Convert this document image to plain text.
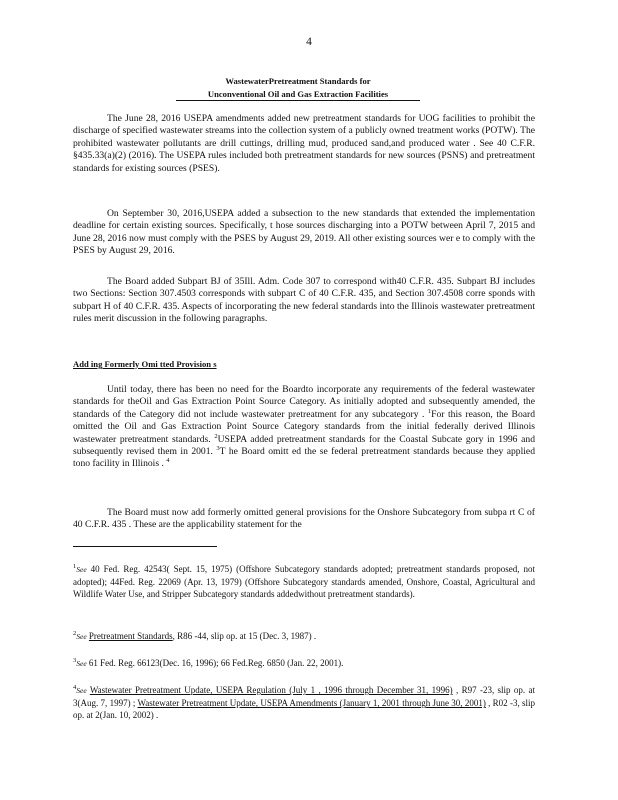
4
WastewaterPretreatment Standards for
Unconventional Oil and Gas Extraction Facilities
The June 28, 2016 USEPA amendments added new pretreatment standards for UOG facilities to prohibit the discharge of specified wastewater streams into the collection system of a publicly owned treatment works (POTW). The prohibited wastewater pollutants are drill cuttings, drilling mud, produced sand,and produced water . See 40 C.F.R. §435.33(a)(2) (2016). The USEPA rules included both pretreatment standards for new sources (PSNS) and pretreatment standards for existing sources (PSES).
On September 30, 2016,USEPA added a subsection to the new standards that extended the implementation deadline for certain existing sources. Specifically, t hose sources discharging into a POTW between April 7, 2015 and June 28, 2016 now must comply with the PSES by August 29, 2019. All other existing sources wer e to comply with the PSES by August 29, 2016.
The Board added Subpart BJ of 35Ill. Adm. Code 307 to correspond with40 C.F.R. 435. Subpart BJ includes two Sections: Section 307.4503 corresponds with subpart C of 40 C.F.R. 435, and Section 307.4508 corre sponds with subpart H of 40 C.F.R. 435. Aspects of incorporating the new federal standards into the Illinois wastewater pretreatment rules merit discussion in the following paragraphs.
Add ing Formerly Omi tted Provision s
Until today, there has been no need for the Boardto incorporate any requirements of the federal wastewater standards for theOil and Gas Extraction Point Source Category. As initially adopted and subsequently amended, the standards of the Category did not include wastewater pretreatment for any subcategory . $^1$For this reason, the Board omitted the Oil and Gas Extraction Point Source Category standards from the initial federally derived Illinois wastewater pretreatment standards. $^2$USEPA added pretreatment standards for the Coastal Subcate gory in 1996 and subsequently revised them in 2001. $^3$T he Board omitt ed the se federal pretreatment standards because they applied tono facility in Illinois . $^4$
The Board must now add formerly omitted general provisions for the Onshore Subcategory from subpa rt C of 40 C.F.R. 435 . These are the applicability statement for the
$^1$See 40 Fed. Reg. 42543( Sept. 15, 1975) (Offshore Subcategory standards adopted; pretreatment standards proposed, not adopted); 44Fed. Reg. 22069 (Apr. 13, 1979) (Offshore Subcategory standards amended, Onshore, Coastal, Agricultural and Wildlife Water Use, and Stripper Subcategory standards addedwithout pretreatment standards).
$^2$See Pretreatment Standards, R86 -44, slip op. at 15 (Dec. 3, 1987) .
$^3$See 61 Fed. Reg. 66123(Dec. 16, 1996); 66 Fed.Reg. 6850 (Jan. 22, 2001).
$^4$See Wastewater Pretreatment Update, USEPA Regulation (July 1 , 1996 through December 31, 1996) , R97 -23, slip op. at 3(Aug. 7, 1997) ; Wastewater Pretreatment Update, USEPA Amendments (January 1, 2001 through June 30, 2001) , R02 -3, slip op. at 2(Jan. 10, 2002) .
